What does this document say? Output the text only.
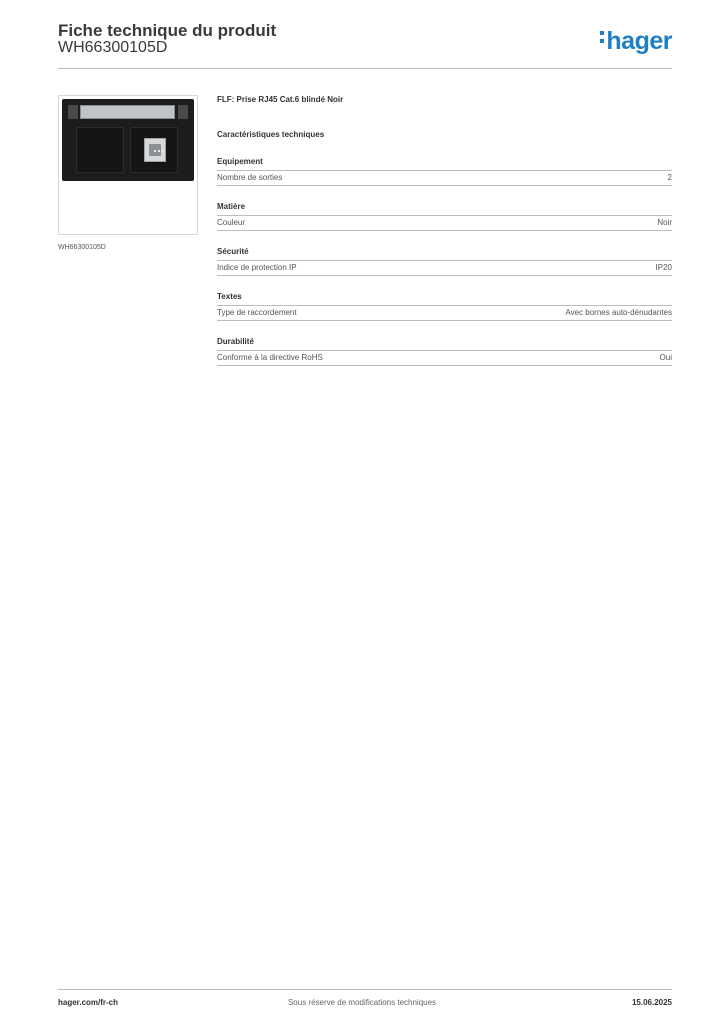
Fiche technique du produit
WH66300105D	hager
WH66300105D
FLF: Prise RJ45 Cat.6 blindé Noir
Caractéristiques techniques
Equipement
Nombre de sorties	2
Matière
Couleur	Noir
Sécurité
Indice de protection IP	IP20
Textes
Type de raccordement	Avec bornes auto-dénudantes
Durabilité
Conforme à la directive RoHS	Oui
hager.com/fr-ch	Sous réserve de modifications techniques	15.06.2025
